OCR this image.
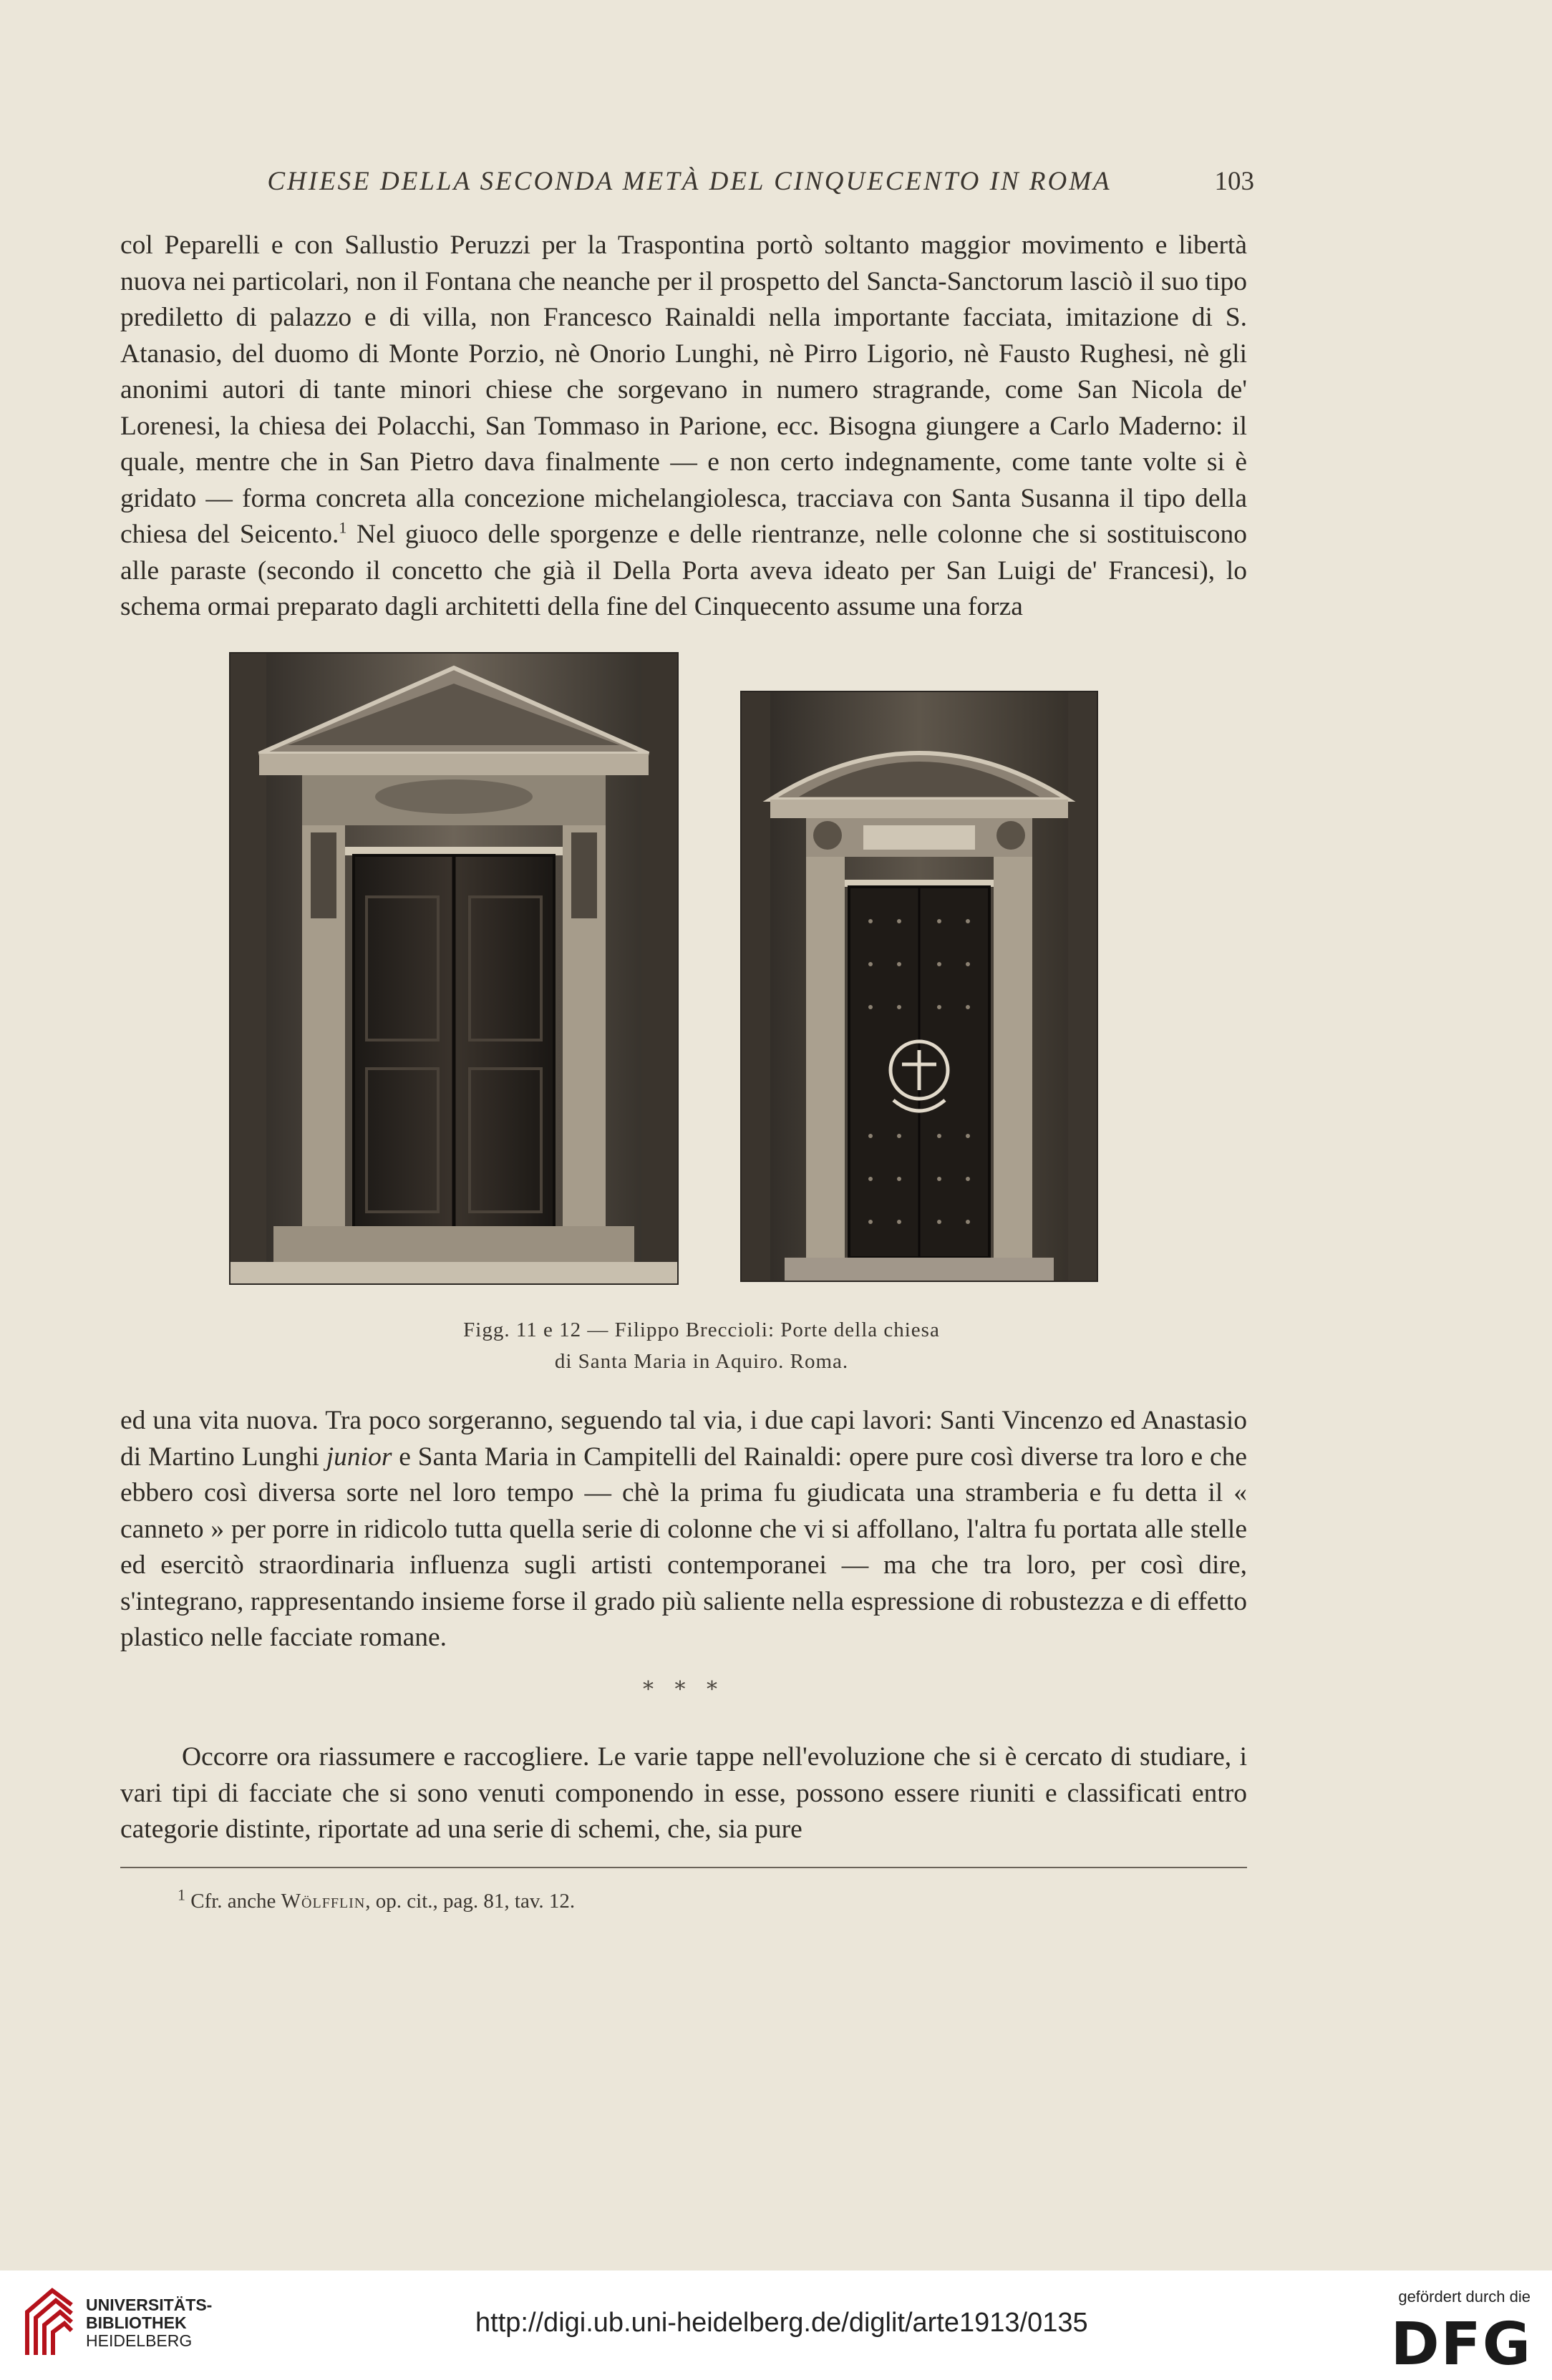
CHIESE DELLA SECONDA METÀ DEL CINQUECENTO IN ROMA	103
col Peparelli e con Sallustio Peruzzi per la Traspontina portò soltanto maggior movimento e libertà nuova nei particolari, non il Fontana che neanche per il prospetto del Sancta-Sanctorum lasciò il suo tipo prediletto di palazzo e di villa, non Francesco Rainaldi nella importante facciata, imitazione di S. Atanasio, del duomo di Monte Porzio, nè Onorio Lunghi, nè Pirro Ligorio, nè Fausto Rughesi, nè gli anonimi autori di tante minori chiese che sorgevano in numero stragrande, come San Nicola de' Lorenesi, la chiesa dei Polacchi, San Tommaso in Parione, ecc. Bisogna giungere a Carlo Maderno: il quale, mentre che in San Pietro dava finalmente — e non certo indegnamente, come tante volte si è gridato — forma concreta alla concezione michelangiolesca, tracciava con Santa Susanna il tipo della chiesa del Seicento.$^1$ Nel giuoco delle sporgenze e delle rientranze, nelle colonne che si sostituiscono alle paraste (secondo il concetto che già il Della Porta aveva ideato per San Luigi de' Francesi), lo schema ormai preparato dagli architetti della fine del Cinquecento assume una forza
Figg. 11 e 12 — Filippo Breccioli: Porte della chiesa
di Santa Maria in Aquiro. Roma.
ed una vita nuova. Tra poco sorgeranno, seguendo tal via, i due capi lavori: Santi Vincenzo ed Anastasio di Martino Lunghi junior e Santa Maria in Campitelli del Rainaldi: opere pure così diverse tra loro e che ebbero così diversa sorte nel loro tempo — chè la prima fu giudicata una stramberia e fu detta il « canneto » per porre in ridicolo tutta quella serie di colonne che vi si affollano, l'altra fu portata alle stelle ed esercitò straordinaria influenza sugli artisti contemporanei — ma che tra loro, per così dire, s'integrano, rappresentando insieme forse il grado più saliente nella espressione di robustezza e di effetto plastico nelle facciate romane.
* * *
Occorre ora riassumere e raccogliere. Le varie tappe nell'evoluzione che si è cercato di studiare, i vari tipi di facciate che si sono venuti componendo in esse, possono essere riuniti e classificati entro categorie distinte, riportate ad una serie di schemi, che, sia pure
$^1$ Cfr. anche Wölfflin, op. cit., pag. 81, tav. 12.
UNIVERSITÄTS-
BIBLIOTHEK
HEIDELBERG
http://digi.ub.uni-heidelberg.de/diglit/arte1913/0135
gefördert durch die
DFG
